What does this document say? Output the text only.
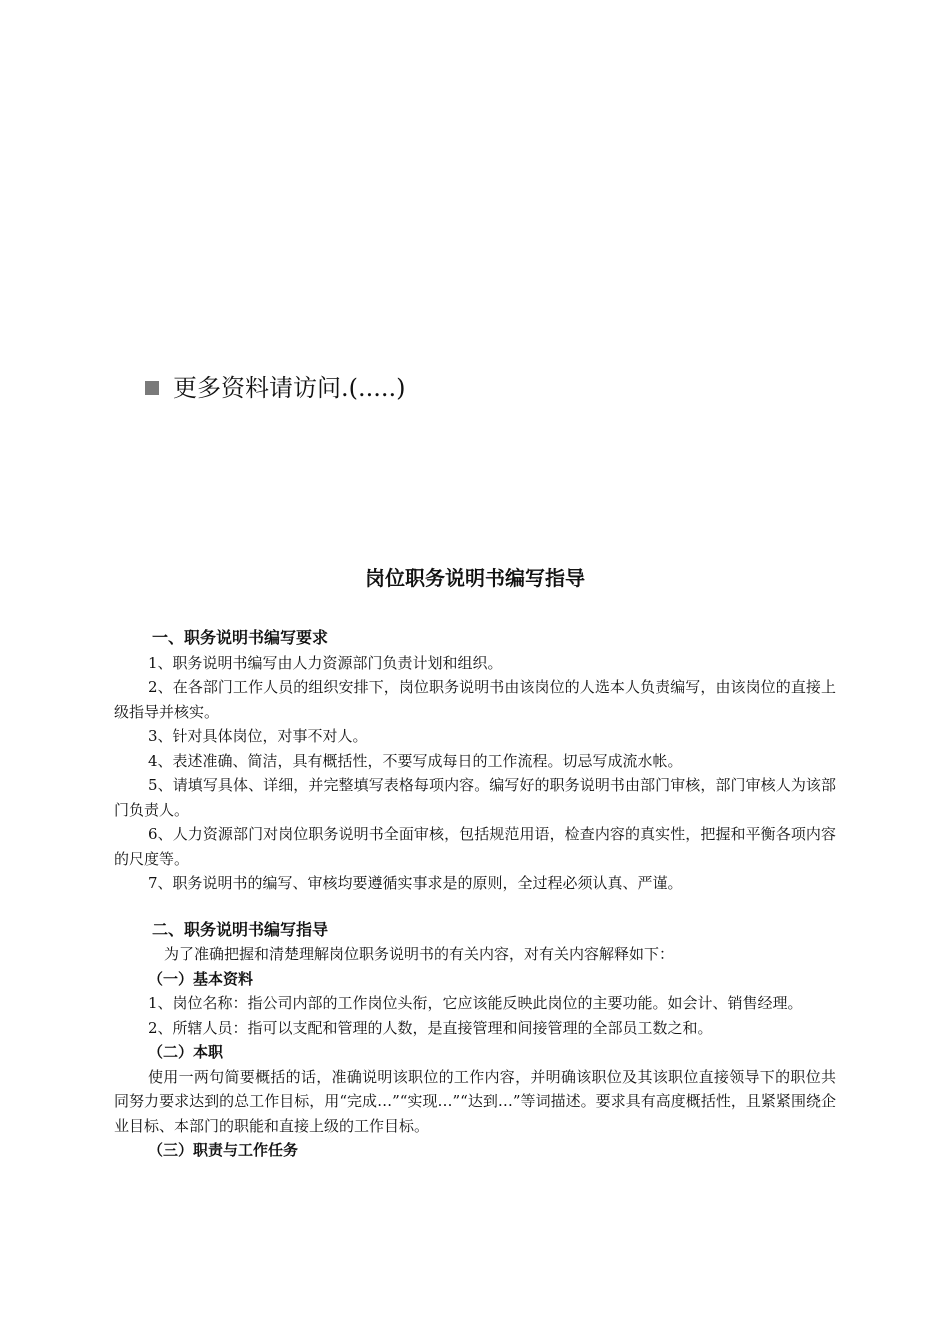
更多资料请访问.(.....)
岗位职务说明书编写指导

一、职务说明书编写要求

1、职务说明书编写由人力资源部门负责计划和组织。

2、在各部门工作人员的组织安排下，岗位职务说明书由该岗位的人选本人负责编写，由该岗位的直接上级指导并核实。

3、针对具体岗位，对事不对人。

4、表述准确、简洁，具有概括性，不要写成每日的工作流程。切忌写成流水帐。

5、请填写具体、详细，并完整填写表格每项内容。编写好的职务说明书由部门审核，部门审核人为该部门负责人。

6、人力资源部门对岗位职务说明书全面审核，包括规范用语，检查内容的真实性，把握和平衡各项内容的尺度等。

7、职务说明书的编写、审核均要遵循实事求是的原则，全过程必须认真、严谨。

二、职务说明书编写指导

为了准确把握和清楚理解岗位职务说明书的有关内容，对有关内容解释如下：

（一）基本资料

1、岗位名称：指公司内部的工作岗位头衔，它应该能反映此岗位的主要功能。如会计、销售经理。

2、所辖人员：指可以支配和管理的人数，是直接管理和间接管理的全部员工数之和。

（二）本职

使用一两句简要概括的话，准确说明该职位的工作内容，并明确该职位及其该职位直接领导下的职位共同努力要求达到的总工作目标，用“完成…”“实现…”“达到…”等词描述。要求具有高度概括性，且紧紧围绕企业目标、本部门的职能和直接上级的工作目标。

（三）职责与工作任务
